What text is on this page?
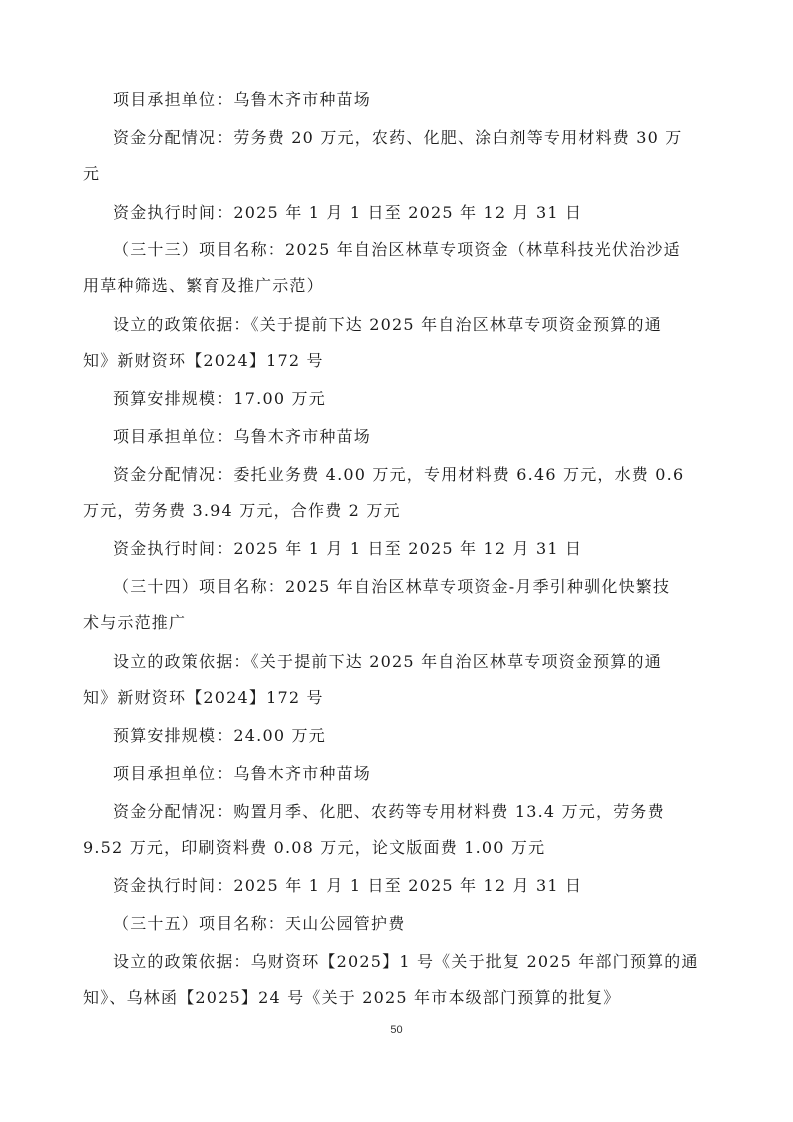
项目承担单位：乌鲁木齐市种苗场
资金分配情况：劳务费 20 万元，农药、化肥、涂白剂等专用材料费 30 万
元
资金执行时间：2025 年 1 月 1 日至 2025 年 12 月 31 日
（三十三）项目名称：2025 年自治区林草专项资金（林草科技光伏治沙适
用草种筛选、繁育及推广示范）
设立的政策依据：《关于提前下达 2025 年自治区林草专项资金预算的通
知》新财资环【2024】172 号
预算安排规模：17.00 万元
项目承担单位：乌鲁木齐市种苗场
资金分配情况：委托业务费 4.00 万元，专用材料费 6.46 万元，水费 0.6
万元，劳务费 3.94 万元，合作费 2 万元
资金执行时间：2025 年 1 月 1 日至 2025 年 12 月 31 日
（三十四）项目名称：2025 年自治区林草专项资金-月季引种驯化快繁技
术与示范推广
设立的政策依据：《关于提前下达 2025 年自治区林草专项资金预算的通
知》新财资环【2024】172 号
预算安排规模：24.00 万元
项目承担单位：乌鲁木齐市种苗场
资金分配情况：购置月季、化肥、农药等专用材料费 13.4 万元，劳务费
9.52 万元，印刷资料费 0.08 万元，论文版面费 1.00 万元
资金执行时间：2025 年 1 月 1 日至 2025 年 12 月 31 日
（三十五）项目名称：天山公园管护费
设立的政策依据：乌财资环【2025】1 号《关于批复 2025 年部门预算的通
知》、乌林函【2025】24 号《关于 2025 年市本级部门预算的批复》
50
